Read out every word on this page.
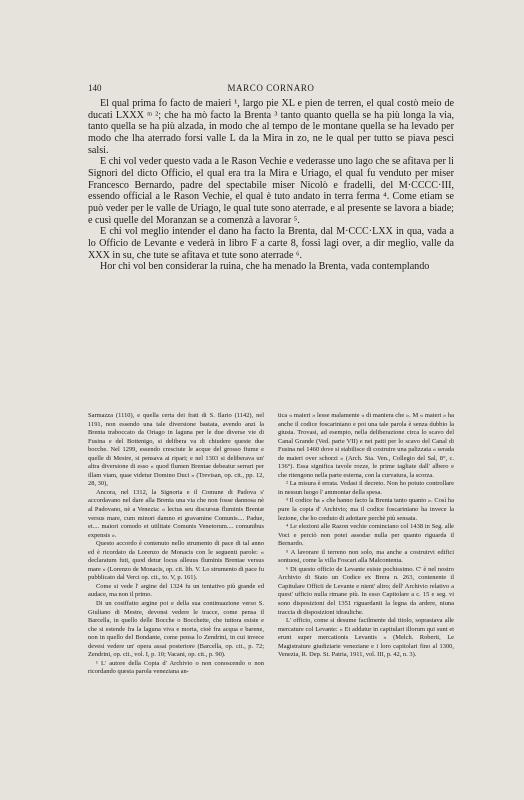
140	MARCO CORNARO

El qual prima fo facto de maieri ¹, largo pie XL e pien de terren, el qual costò meio de ducati LXXX ᵐ ²; che ha mò facto la Brenta ³ tanto quanto quella se ha più longa la via, tanto quella se ha più alzada, in modo che al tempo de le montane quella se ha levado per modo che lha aterrado forsi valle L da la Mira in zo, ne le qual per tutto se piava pesci salsi.

E chi vol veder questo vada a le Rason Vechie e vederasse uno lago che se afitava per li Signori del dicto Officio, el qual era tra la Mira e Uriago, el qual fu venduto per miser Francesco Bernardo, padre del spectabile miser Nicolò e fradelli, del M·CCCC·III, essendo official a le Rason Vechie, el qual è tuto andato in terra ferma ⁴. Come etiam se può veder per le valle de Uriago, le qual tute sono aterrade, e al presente se lavora a biade; e cusì quelle del Moranzan se a comenzà a lavorar ⁵.

E chi vol meglio intender el dano ha facto la Brenta, dal M·CCC·LXX in qua, vada a lo Officio de Levante e vederà in libro F a carte 8, fossi lagi over, a dir meglio, valle da XXX in su, che tute se afitava et tute sono aterrade ⁶.

Hor chi vol ben considerar la ruina, che ha menado la Brenta, vada contemplando

Sarmazza (1110), e quella certa dei frati di S. Ilario (1142), nel 1191, non essendo una tale diversione bastata, avendo anzi la Brenta traboccato da Oriago in laguna per le due diverse vie di Fusina e del Bottenigo, si delibera va di chiudere queste due bocche. Nel 1299, essendo cresciute le acque del grosso fiume e quelle di Mestre, si pensava ai ripari; e nel 1303 si deliberava un' altra diversione di esso « quod flumen Brentae debeatur serrari per illam viam, quae videtur Domino Duci » (Trevisan, op. cit., pp. 12, 28, 30),

Ancora, nel 1312, la Signoria e il Comune di Padova s' accordavano nel dare alla Brenta una via che non fosse dannosa nè al Padovano, nè a Venezia: « lectus seu discursus fluminis Brentæ versus mare, cum minori damno et gravamine Comunis.... Padue, et.... maiori comodo et utilitate Comunis Venetorum.... comunibus expensis ».

Questo accordo è contenuto nello strumento di pace di tal anno ed è ricordato da Lorenzo de Monacis con le seguenti parole: « declaratum fuit, quod detur locus alleuus fluminis Brentae versus mare » (Lorenzo de Monacis, op. cit. lib. V. Lo strumento di pace fu pubblicato dal Verci op. cit., to. V, p. 161).

Come si vede l' argine del 1324 fu un tentativo più grande ed audace, ma non il primo.

Di un cosiffatto argine poi e della sua continuazione verso S. Giuliano di Mestre, devonsi vedere le tracce, come pensa il Barcella, in quello delle Bocche o Bocchette, che tuttora esiste e che si estende fra la laguna viva e morta, cioè fra acqua e barene, non in quello del Bondante, come pensa lo Zendrini, in cui invece devesi vedere un' opera assai posteriore (Barcella, op. cit., p. 72; Zendrini, op. cit., vol. I, p. 10; Vacani, op. cit., p. 90).

¹ L' autore della Copia d' Archivio o non conoscendo o non ricordando questa parola veneziana an-

tica « maieri » lesse malamente « di maniera che ». M « maieri » ha anche il codice foscariniano e poi una tale parola è senza dubbio la giusta. Trovasi, ad esempio, nella deliberazione circa lo scavo del Canal Grande (Ved. parte VII) e nei patti per lo scavo del Canal di Fusina nel 1460 dove si stabilisce di costruire una palizzata « serada de maieri over schorzi » (Arch. Sta. Ven., Collegio del Sal, 8°, c. 136°). Essa significa tavole rozze, le prime tagliate dall' albero e che ritengono nella parte esterna, con la curvatura, la scorza.

² La misura è errata. Vedasi il decreto. Non ho potuto controllare in nessun luogo l' ammontar della spesa.

³ Il codice ha « che hanno facto la Brenta tanto quanto ». Così ha pure la copia d' Archivio; ma il codice foscariniano ha invece la lezione, che ho creduto di adottare perchè più sensata.

⁴ Le elezioni alle Razon vechie cominciano col 1438 in Seg. alle Voci e perciò non potei assodar nulla per quanto riguarda il Bernardo.

⁵ A lavorare il terreno non solo, ma anche a costruirvi edifici sontuosi, come la villa Foscari alla Malcontenta.

⁶ Di questo officio de Levante esiste pochissimo. C' è nel nostro Archivio di Stato un Codice ex Brera n. 263, contenente il Capitulare Officii de Levante e nient' altro; dell' Archivio relativo a quest' ufficio nulla rimane più. In esso Capitolare a c. 15 e seg. vi sono disposizioni del 1351 riguardanti la legna da ardere, niuna traccia di disposizioni idrauliche.

L' officio, come si desume facilmente dal titolo, soprastava alle mercature col Levante: « Et addatur in capitulari illorum qui sunt et erunt super mercationis Levantis » (Melch. Roberti, Le Magistrature giudiziarie veneziane e i loro capitolari fino al 1300, Venezia, R. Dep. St. Patria, 1911, vol. III, p. 42, n. 3).
